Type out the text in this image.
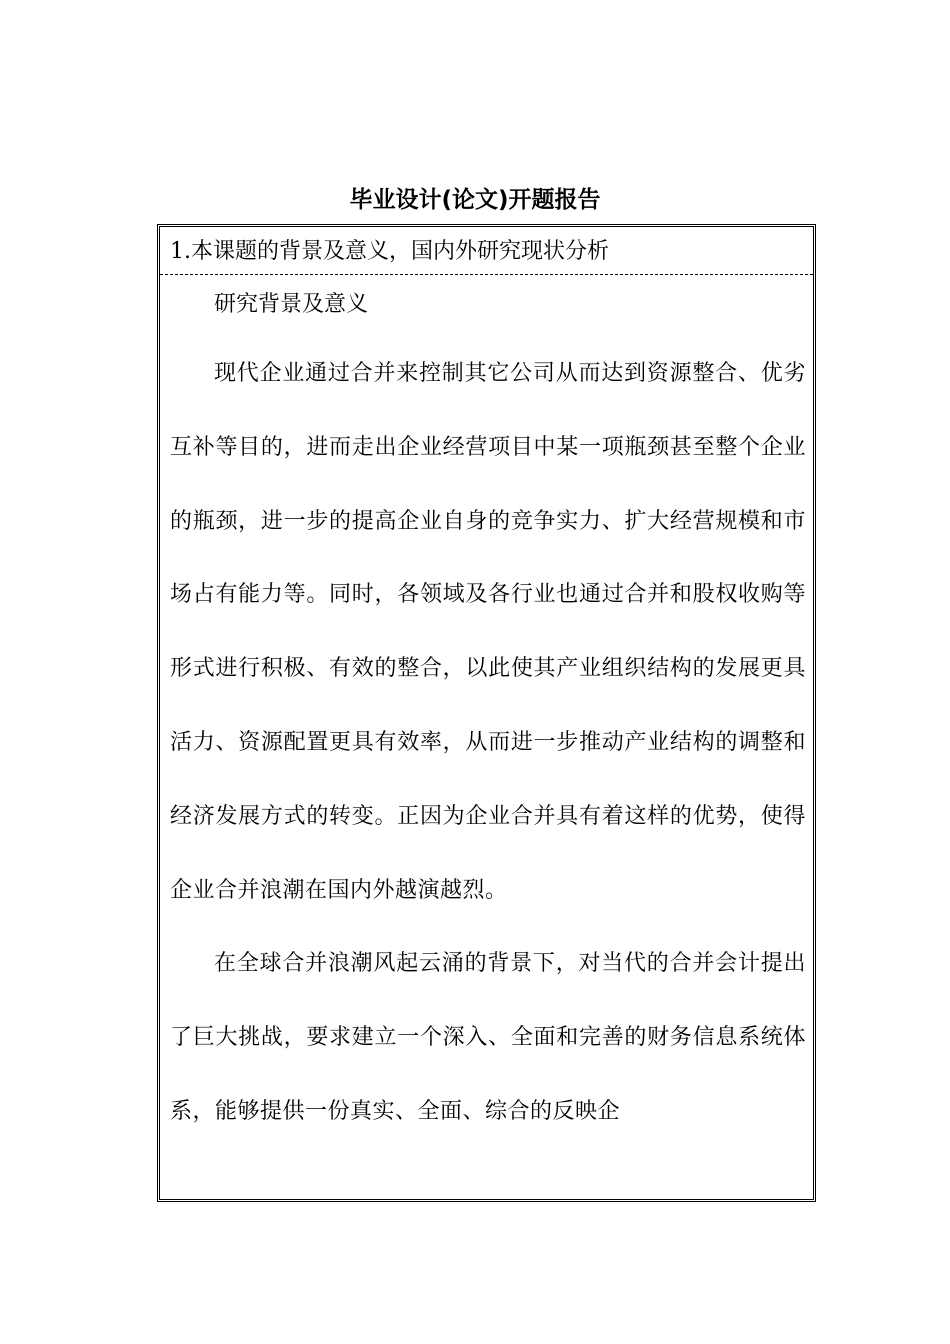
毕业设计(论文)开题报告
1.本课题的背景及意义，国内外研究现状分析
研究背景及意义

现代企业通过合并来控制其它公司从而达到资源整合、优劣互补等目的，进而走出企业经营项目中某一项瓶颈甚至整个企业的瓶颈，进一步的提高企业自身的竞争实力、扩大经营规模和市场占有能力等。同时，各领域及各行业也通过合并和股权收购等形式进行积极、有效的整合，以此使其产业组织结构的发展更具活力、资源配置更具有效率，从而进一步推动产业结构的调整和经济发展方式的转变。正因为企业合并具有着这样的优势，使得企业合并浪潮在国内外越演越烈。

在全球合并浪潮风起云涌的背景下，对当代的合并会计提出了巨大挑战，要求建立一个深入、全面和完善的财务信息系统体系，能够提供一份真实、全面、综合的反映企
